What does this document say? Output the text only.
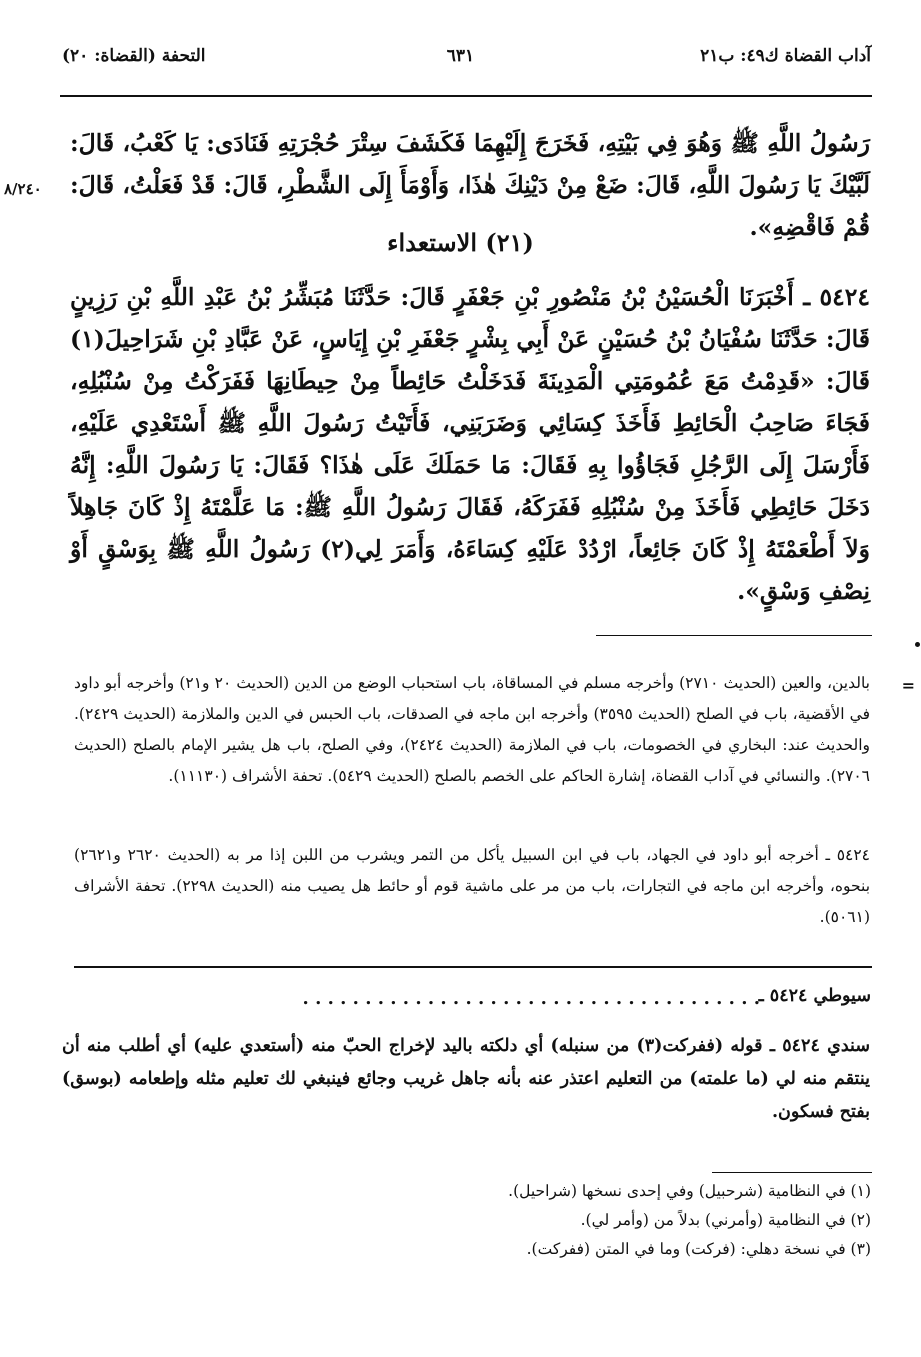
آداب القضاة ك٤٩: ب٢١
٦٣١
التحفة (القضاة: ٢٠)
رَسُولُ اللَّهِ ﷺ وَهُوَ فِي بَيْتِهِ، فَخَرَجَ إِلَيْهِمَا فَكَشَفَ سِتْرَ حُجْرَتِهِ فَنَادَى: يَا كَعْبُ، قَالَ: لَبَّيْكَ يَا رَسُولَ اللَّهِ، قَالَ: ضَعْ مِنْ دَيْنِكَ هٰذَا، وَأَوْمَأَ إِلَى الشَّطْرِ، قَالَ: قَدْ فَعَلْتُ، قَالَ: قُمْ فَاقْضِهِ».
٨/٢٤٠
(٢١) الاستعداء
٥٤٢٤ ـ أَخْبَرَنَا الْحُسَيْنُ بْنُ مَنْصُورِ بْنِ جَعْفَرٍ قَالَ: حَدَّثَنَا مُبَشِّرُ بْنُ عَبْدِ اللَّهِ بْنِ رَزِينٍ قَالَ: حَدَّثَنَا سُفْيَانُ بْنُ حُسَيْنٍ عَنْ أَبِي بِشْرٍ جَعْفَرِ بْنِ إِيَاسٍ، عَنْ عَبَّادِ بْنِ شَرَاحِيلَ(١) قَالَ: «قَدِمْتُ مَعَ عُمُومَتِي الْمَدِينَةَ فَدَخَلْتُ حَائِطاً مِنْ حِيطَانِهَا فَفَرَكْتُ مِنْ سُنْبُلِهِ، فَجَاءَ صَاحِبُ الْحَائِطِ فَأَخَذَ كِسَائِي وَضَرَبَنِي، فَأَتَيْتُ رَسُولَ اللَّهِ ﷺ أَسْتَعْدِي عَلَيْهِ، فَأَرْسَلَ إِلَى الرَّجُلِ فَجَاؤُوا بِهِ فَقَالَ: مَا حَمَلَكَ عَلَى هٰذَا؟ فَقَالَ: يَا رَسُولَ اللَّهِ: إِنَّهُ دَخَلَ حَائِطِي فَأَخَذَ مِنْ سُنْبُلِهِ فَفَرَكَهُ، فَقَالَ رَسُولُ اللَّهِ ﷺ: مَا عَلَّمْتَهُ إِذْ كَانَ جَاهِلاً وَلاَ أَطْعَمْتَهُ إِذْ كَانَ جَائِعاً، ارْدُدْ عَلَيْهِ كِسَاءَهُ، وَأَمَرَ لِي(٢) رَسُولُ اللَّهِ ﷺ بِوَسْقٍ أَوْ نِصْفِ وَسْقٍ».
=
بالدين، والعين (الحديث ٢٧١٠) وأخرجه مسلم في المساقاة، باب استحباب الوضع من الدين (الحديث ٢٠ و٢١) وأخرجه أبو داود في الأقضية، باب في الصلح (الحديث ٣٥٩٥) وأخرجه ابن ماجه في الصدقات، باب الحبس في الدين والملازمة (الحديث ٢٤٢٩). والحديث عند: البخاري في الخصومات، باب في الملازمة (الحديث ٢٤٢٤)، وفي الصلح، باب هل يشير الإمام بالصلح (الحديث ٢٧٠٦). والنسائي في آداب القضاة، إشارة الحاكم على الخصم بالصلح (الحديث ٥٤٢٩). تحفة الأشراف (١١١٣٠).
٥٤٢٤ ـ أخرجه أبو داود في الجهاد، باب في ابن السبيل يأكل من التمر ويشرب من اللبن إذا مر به (الحديث ٢٦٢٠ و٢٦٢١) بنحوه، وأخرجه ابن ماجه في التجارات، باب من مر على ماشية قوم أو حائط هل يصيب منه (الحديث ٢٢٩٨). تحفة الأشراف (٥٠٦١).
سيوطي ٥٤٢٤ ـ
. . . . . . . . . . . . . . . . . . . . . . . . . . . . . . . . . . . . .
سندي ٥٤٢٤ ـ قوله (ففركت(٣) من سنبله) أي دلكته باليد لإخراج الحبّ منه (أستعدي عليه) أي أطلب منه أن ينتقم منه لي (ما علمته) من التعليم اعتذر عنه بأنه جاهل غريب وجائع فينبغي لك تعليم مثله وإطعامه (بوسق) بفتح فسكون.
(١) في النظامية (شرحبيل) وفي إحدى نسخها (شراحيل).
(٢) في النظامية (وأمرني) بدلاً من (وأمر لي).
(٣) في نسخة دهلي: (فركت) وما في المتن (ففركت).
